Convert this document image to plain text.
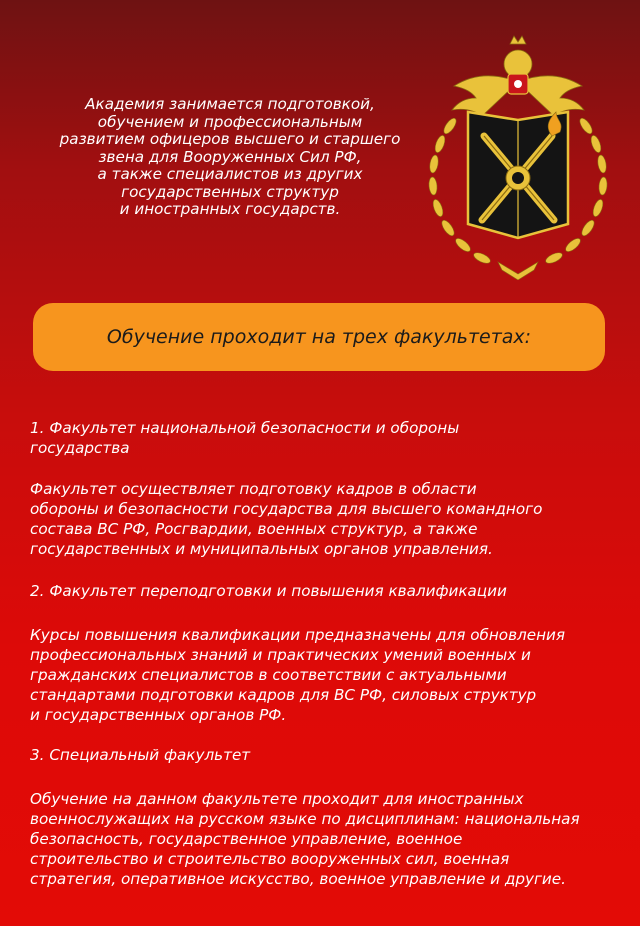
Академия занимается подготовкой,
обучением и профессиональным
развитием офицеров высшего и старшего
звена для Вооруженных Сил РФ,
а также специалистов из других
государственных структур
и иностранных государств.
Обучение проходит на трех факультетах:
1. Факультет национальной безопасности и обороны
государства
Факультет осуществляет подготовку кадров в области
обороны и безопасности государства для высшего командного
состава ВС РФ, Росгвардии, военных структур, а также
государственных и муниципальных органов управления.
2. Факультет переподготовки и повышения квалификации
Курсы повышения квалификации предназначены для обновления
профессиональных знаний и практических умений военных и
гражданских специалистов в соответствии с актуальными
стандартами подготовки кадров для ВС РФ, силовых структур
и государственных органов РФ.
3. Специальный факультет
Обучение на данном факультете проходит для иностранных
военнослужащих на русском языке по дисциплинам: национальная
безопасность, государственное управление, военное
строительство и строительство вооруженных сил, военная
стратегия, оперативное искусство, военное управление и другие.
